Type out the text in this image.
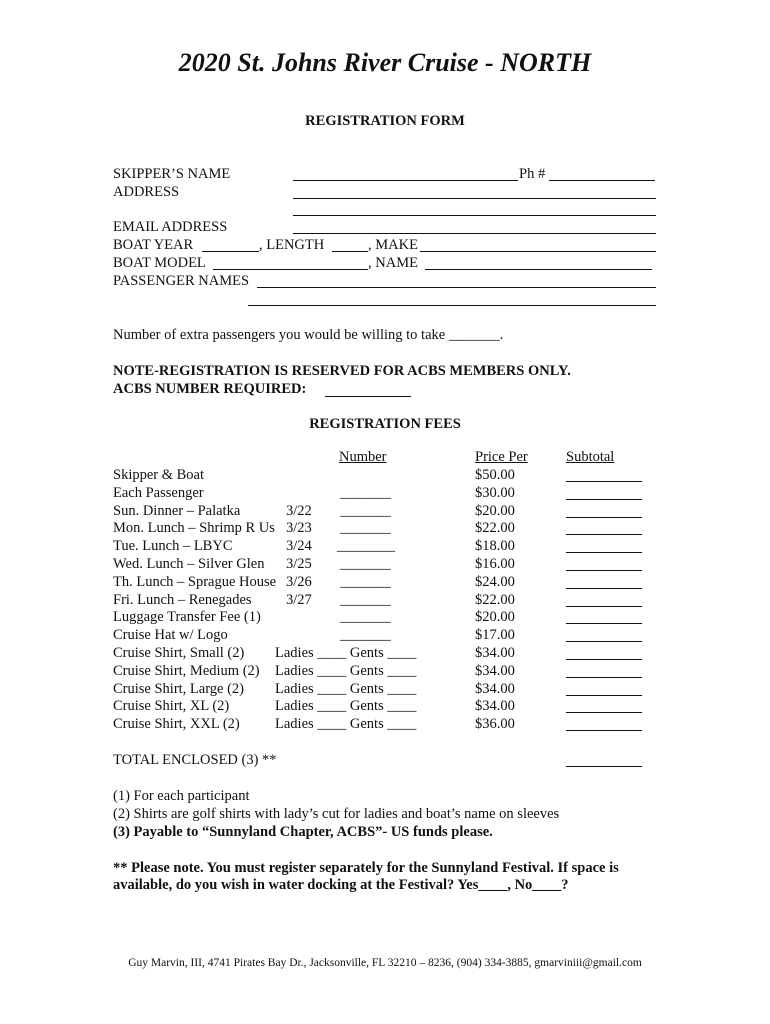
2020 St. Johns River Cruise - NORTH
REGISTRATION FORM
SKIPPER’S NAME	Ph #
ADDRESS
EMAIL ADDRESS
BOAT YEAR	, LENGTH	, MAKE
BOAT MODEL	, NAME
PASSENGER NAMES
Number of extra passengers you would be willing to take _______.
NOTE-REGISTRATION IS RESERVED FOR ACBS MEMBERS ONLY.
ACBS NUMBER REQUIRED:
REGISTRATION FEES
Number	Price Per	Subtotal
Skipper & Boat	$50.00
Each Passenger	_______	$30.00
Sun. Dinner – Palatka	3/22 _______	$20.00
Mon. Lunch – Shrimp R Us 3/23 _______	$22.00
Tue. Lunch – LBYC	3/24 ________	$18.00
Wed. Lunch – Silver Glen 3/25 _______	$16.00
Th. Lunch – Sprague House 3/26 _______	$24.00
Fri. Lunch – Renegades 3/27 _______	$22.00
Luggage Transfer Fee (1)	_______	$20.00
Cruise Hat w/ Logo	_______	$17.00
Cruise Shirt, Small (2) Ladies ____ Gents ____	$34.00
Cruise Shirt, Medium (2) Ladies ____ Gents ____	$34.00
Cruise Shirt, Large (2) Ladies ____ Gents ____	$34.00
Cruise Shirt, XL (2)	Ladies ____ Gents ____	$34.00
Cruise Shirt, XXL (2) Ladies ____ Gents ____	$36.00
TOTAL ENCLOSED (3) **
(1) For each participant
(2) Shirts are golf shirts with lady’s cut for ladies and boat’s name on sleeves
(3) Payable to “Sunnyland Chapter, ACBS”- US funds please.
** Please note. You must register separately for the Sunnyland Festival. If space is
available, do you wish in water docking at the Festival? Yes____, No____?
Guy Marvin, III, 4741 Pirates Bay Dr., Jacksonville, FL 32210 – 8236, (904) 334-3885, gmarviniii@gmail.com
